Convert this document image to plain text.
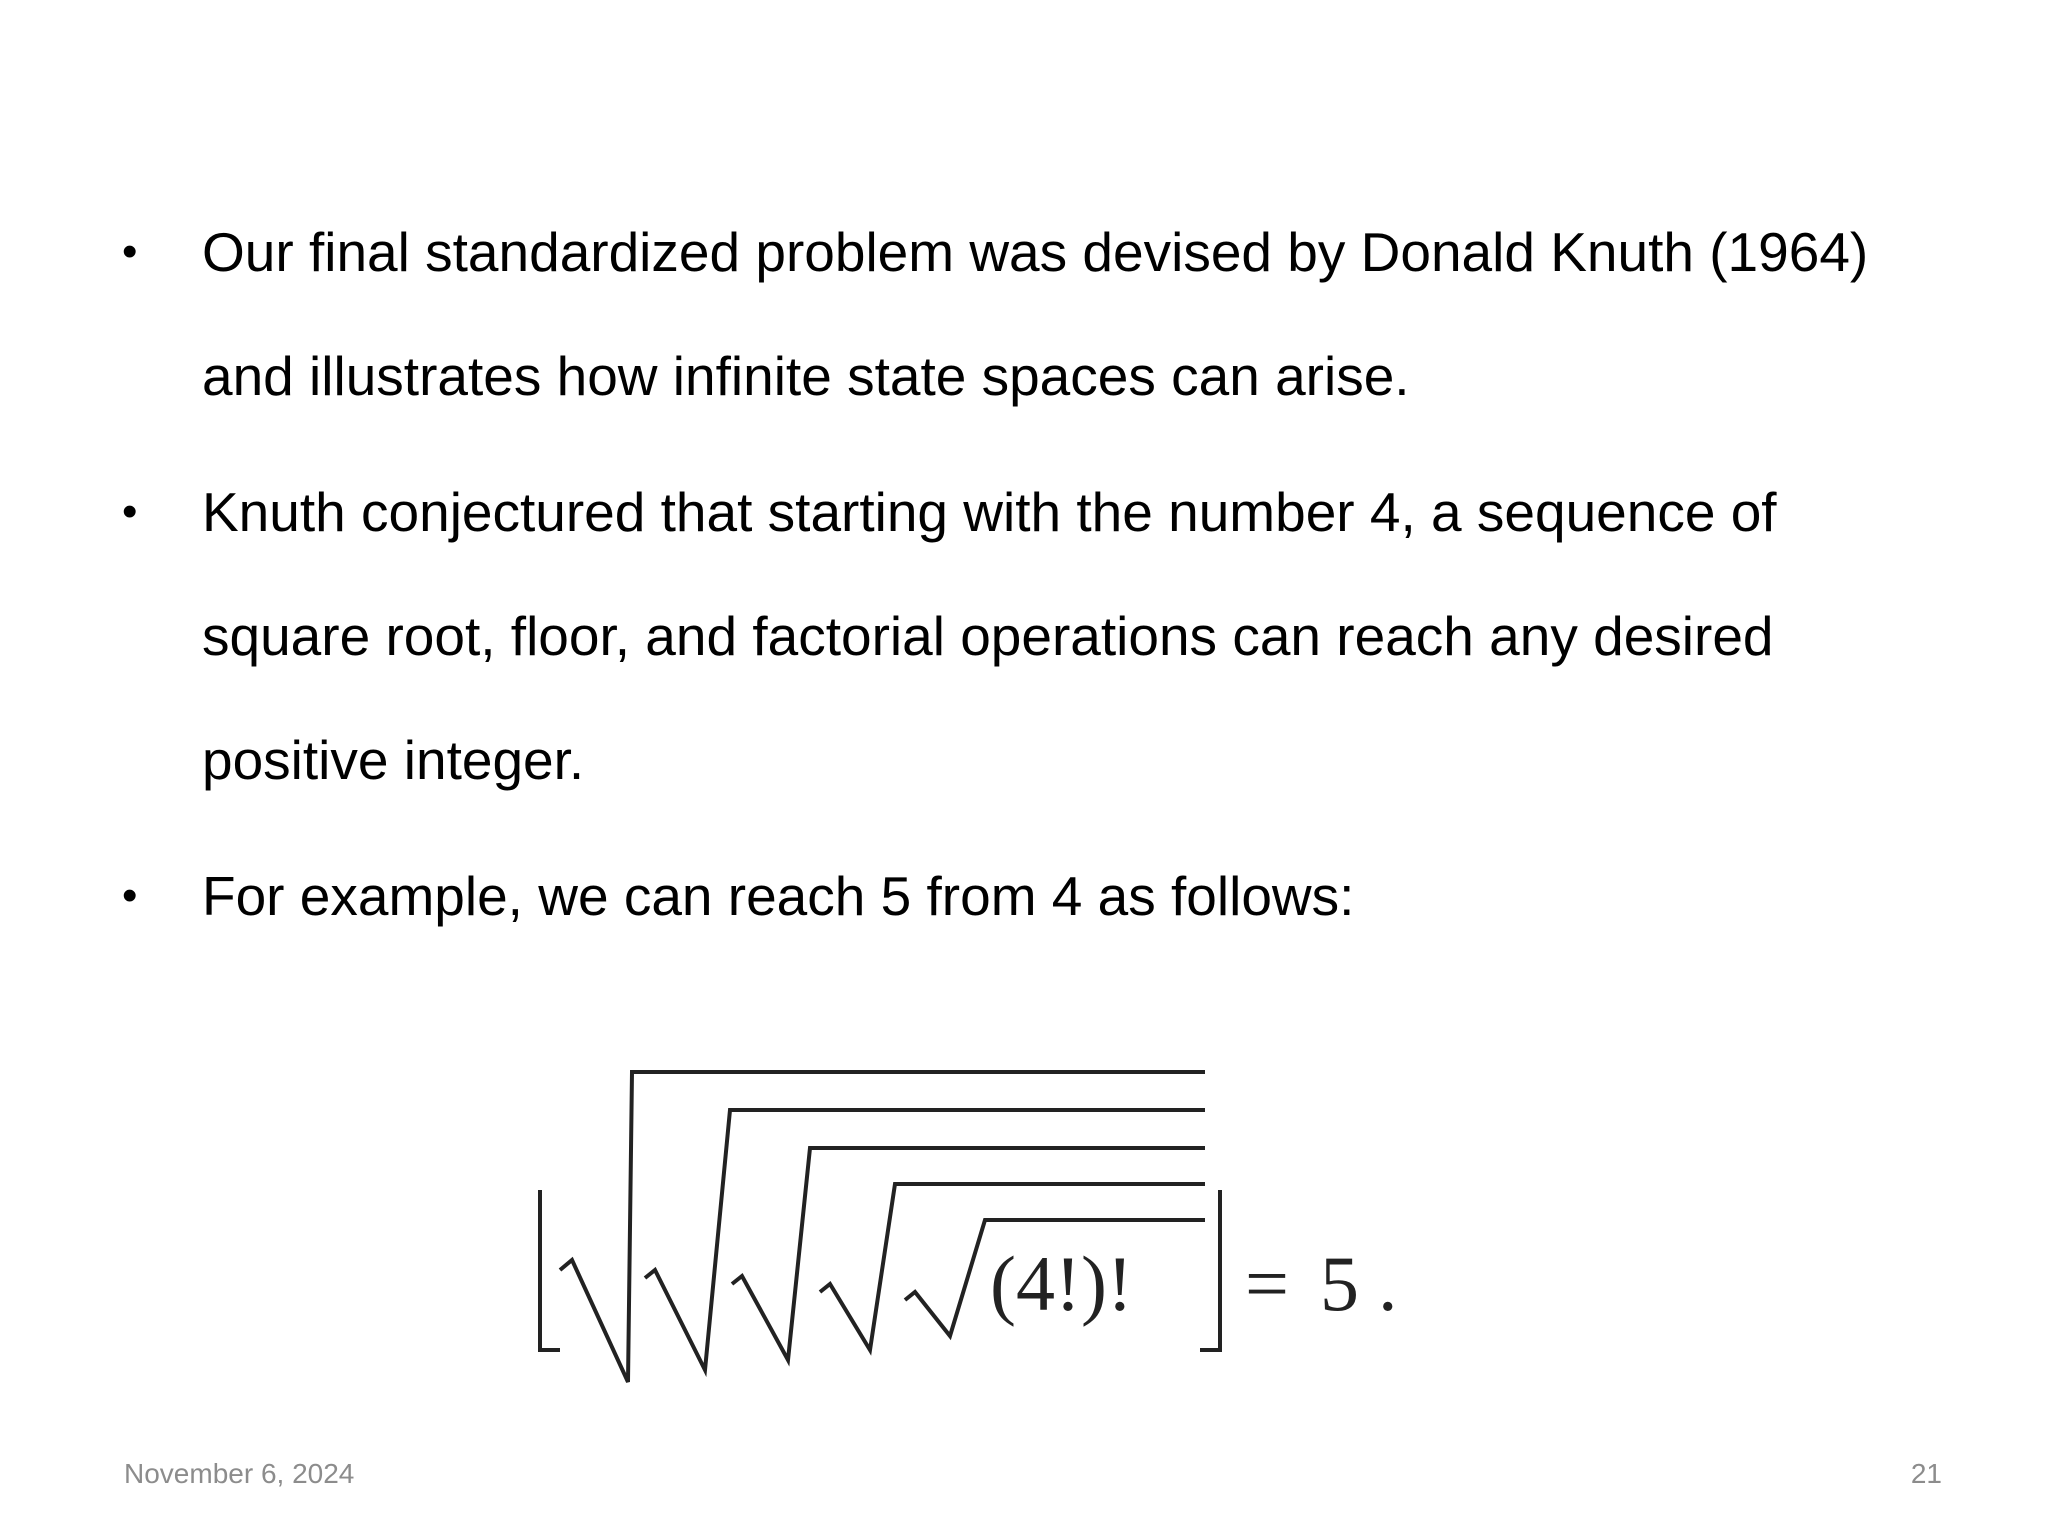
• Our final standardized problem was devised by Donald Knuth (1964) and illustrates how infinite state spaces can arise.
• Knuth conjectured that starting with the number 4, a sequence of square root, floor, and factorial operations can reach any desired positive integer.
• For example, we can reach 5 from 4 as follows:
(4!)! = 5 .
November 6, 2024	21
